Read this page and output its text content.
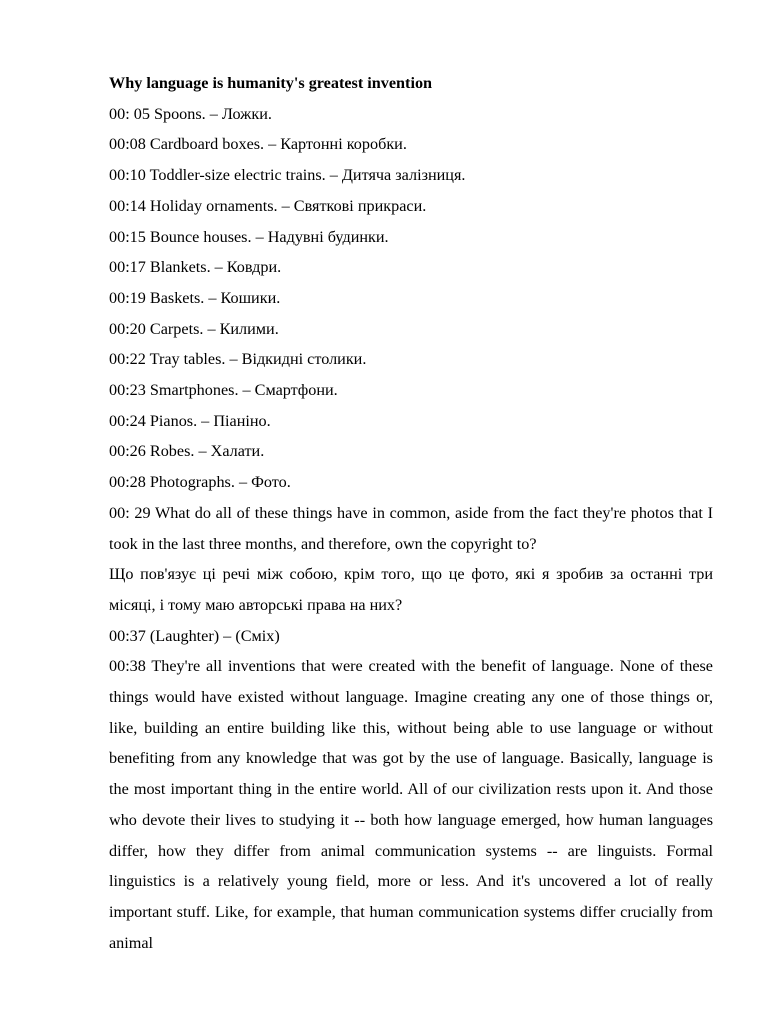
Why language is humanity's greatest invention

00: 05 Spoons. – Ложки.

00:08 Cardboard boxes. – Картонні коробки.

00:10 Toddler-size electric trains. – Дитяча залізниця.

00:14 Holiday ornaments. – Святкові прикраси.

00:15 Bounce houses. – Надувні будинки.

00:17 Blankets. – Ковдри.

00:19 Baskets. – Кошики.

00:20 Carpets. – Килими.

00:22 Tray tables. – Відкидні столики.

00:23 Smartphones. – Смартфони.

00:24 Pianos. – Піаніно.

00:26 Robes. – Халати.

00:28 Photographs. – Фото.

00: 29 What do all of these things have in common, aside from the fact they're photos that I took in the last three months, and therefore, own the copyright to?

Що пов'язує ці речі між собою, крім того, що це фото, які я зробив за останні три місяці, і тому маю авторські права на них?

00:37 (Laughter) – (Сміх)

00:38 They're all inventions that were created with the benefit of language. None of these things would have existed without language. Imagine creating any one of those things or, like, building an entire building like this, without being able to use language or without benefiting from any knowledge that was got by the use of language. Basically, language is the most important thing in the entire world. All of our civilization rests upon it. And those who devote their lives to studying it -- both how language emerged, how human languages differ, how they differ from animal communication systems -- are linguists. Formal linguistics is a relatively young field, more or less. And it's uncovered a lot of really important stuff. Like, for example, that human communication systems differ crucially from animal
